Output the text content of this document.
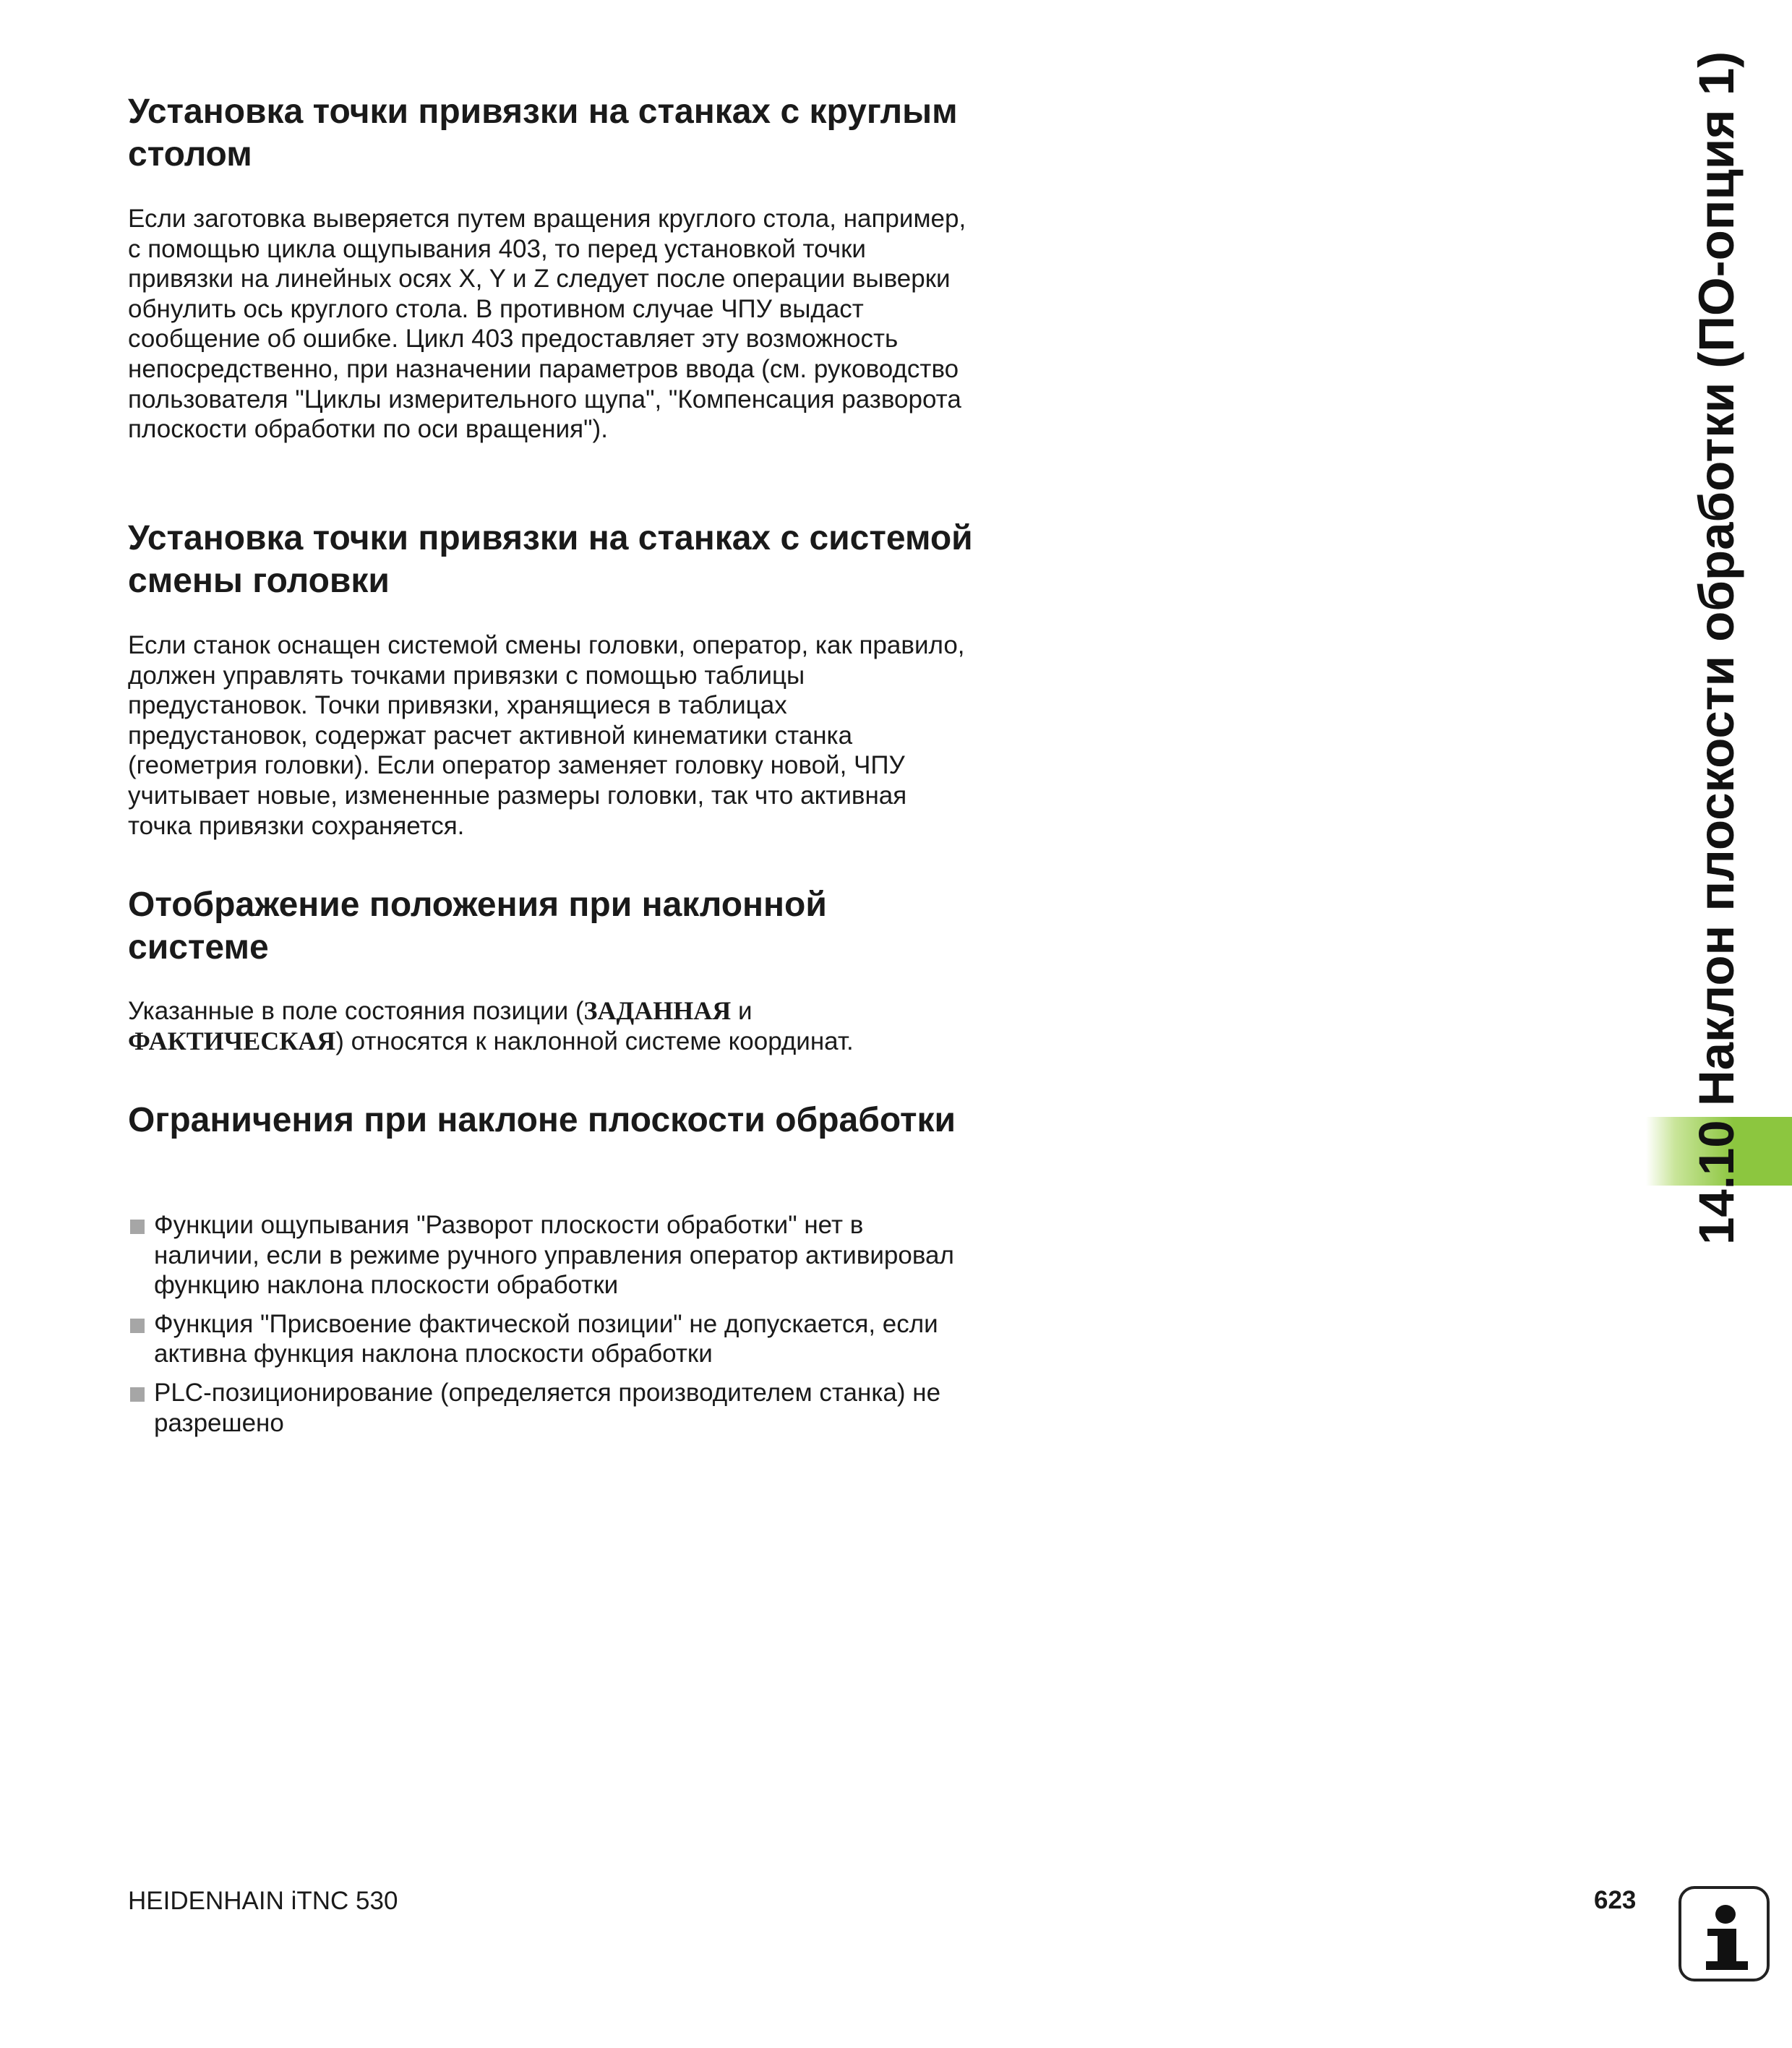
Установка точки привязки на станках с круглым столом

Если заготовка выверяется путем вращения круглого стола, например, с помощью цикла ощупывания 403, то перед установкой точки привязки на линейных осях X, Y и Z следует после операции выверки обнулить ось круглого стола. В противном случае ЧПУ выдаст сообщение об ошибке. Цикл 403 предоставляет эту возможность непосредственно, при назначении параметров ввода (см. руководство пользователя "Циклы измерительного щупа", "Компенсация разворота плоскости обработки по оси вращения").

Установка точки привязки на станках с системой смены головки

Если станок оснащен системой смены головки, оператор, как правило, должен управлять точками привязки с помощью таблицы предустановок. Точки привязки, хранящиеся в таблицах предустановок, содержат расчет активной кинематики станка (геометрия головки). Если оператор заменяет головку новой, ЧПУ учитывает новые, измененные размеры головки, так что активная точка привязки сохраняется.

Отображение положения при наклонной системе

Указанные в поле состояния позиции (ЗАДАННАЯ и ФАКТИЧЕСКАЯ) относятся к наклонной системе координат.

Ограничения при наклоне плоскости обработки
Функции ощупывания "Разворот плоскости обработки" нет в наличии, если в режиме ручного управления оператор активировал функцию наклона плоскости обработки
Функция "Присвоение фактической позиции" не допускается, если активна функция наклона плоскости обработки
PLC-позиционирование (определяется производителем станка) не разрешено
14.10 Наклон плоскости обработки (ПО-опция 1)
HEIDENHAIN iTNC 530	623
